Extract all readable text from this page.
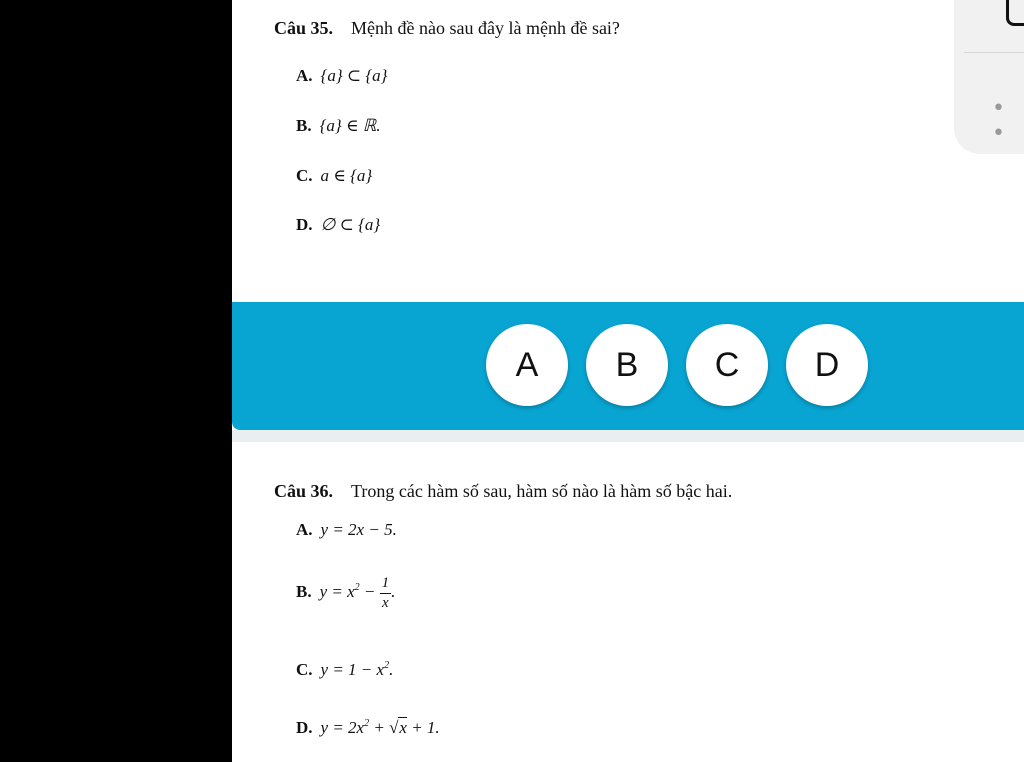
Câu 35. Mệnh đề nào sau đây là mệnh đề sai?
A. {a} ⊂ {a}
B. {a} ∈ ℝ.
C. a ∈ {a}
D. ∅ ⊂ {a}
• •
A	B	C	D
Câu 36. Trong các hàm số sau, hàm số nào là hàm số bậc hai.
A. y = 2x − 5.
B. $y = x^2 - \frac{1}{x}$ .
C. $y = 1 - x^2$.
D. $y = 2x^2 + √x + 1$.
